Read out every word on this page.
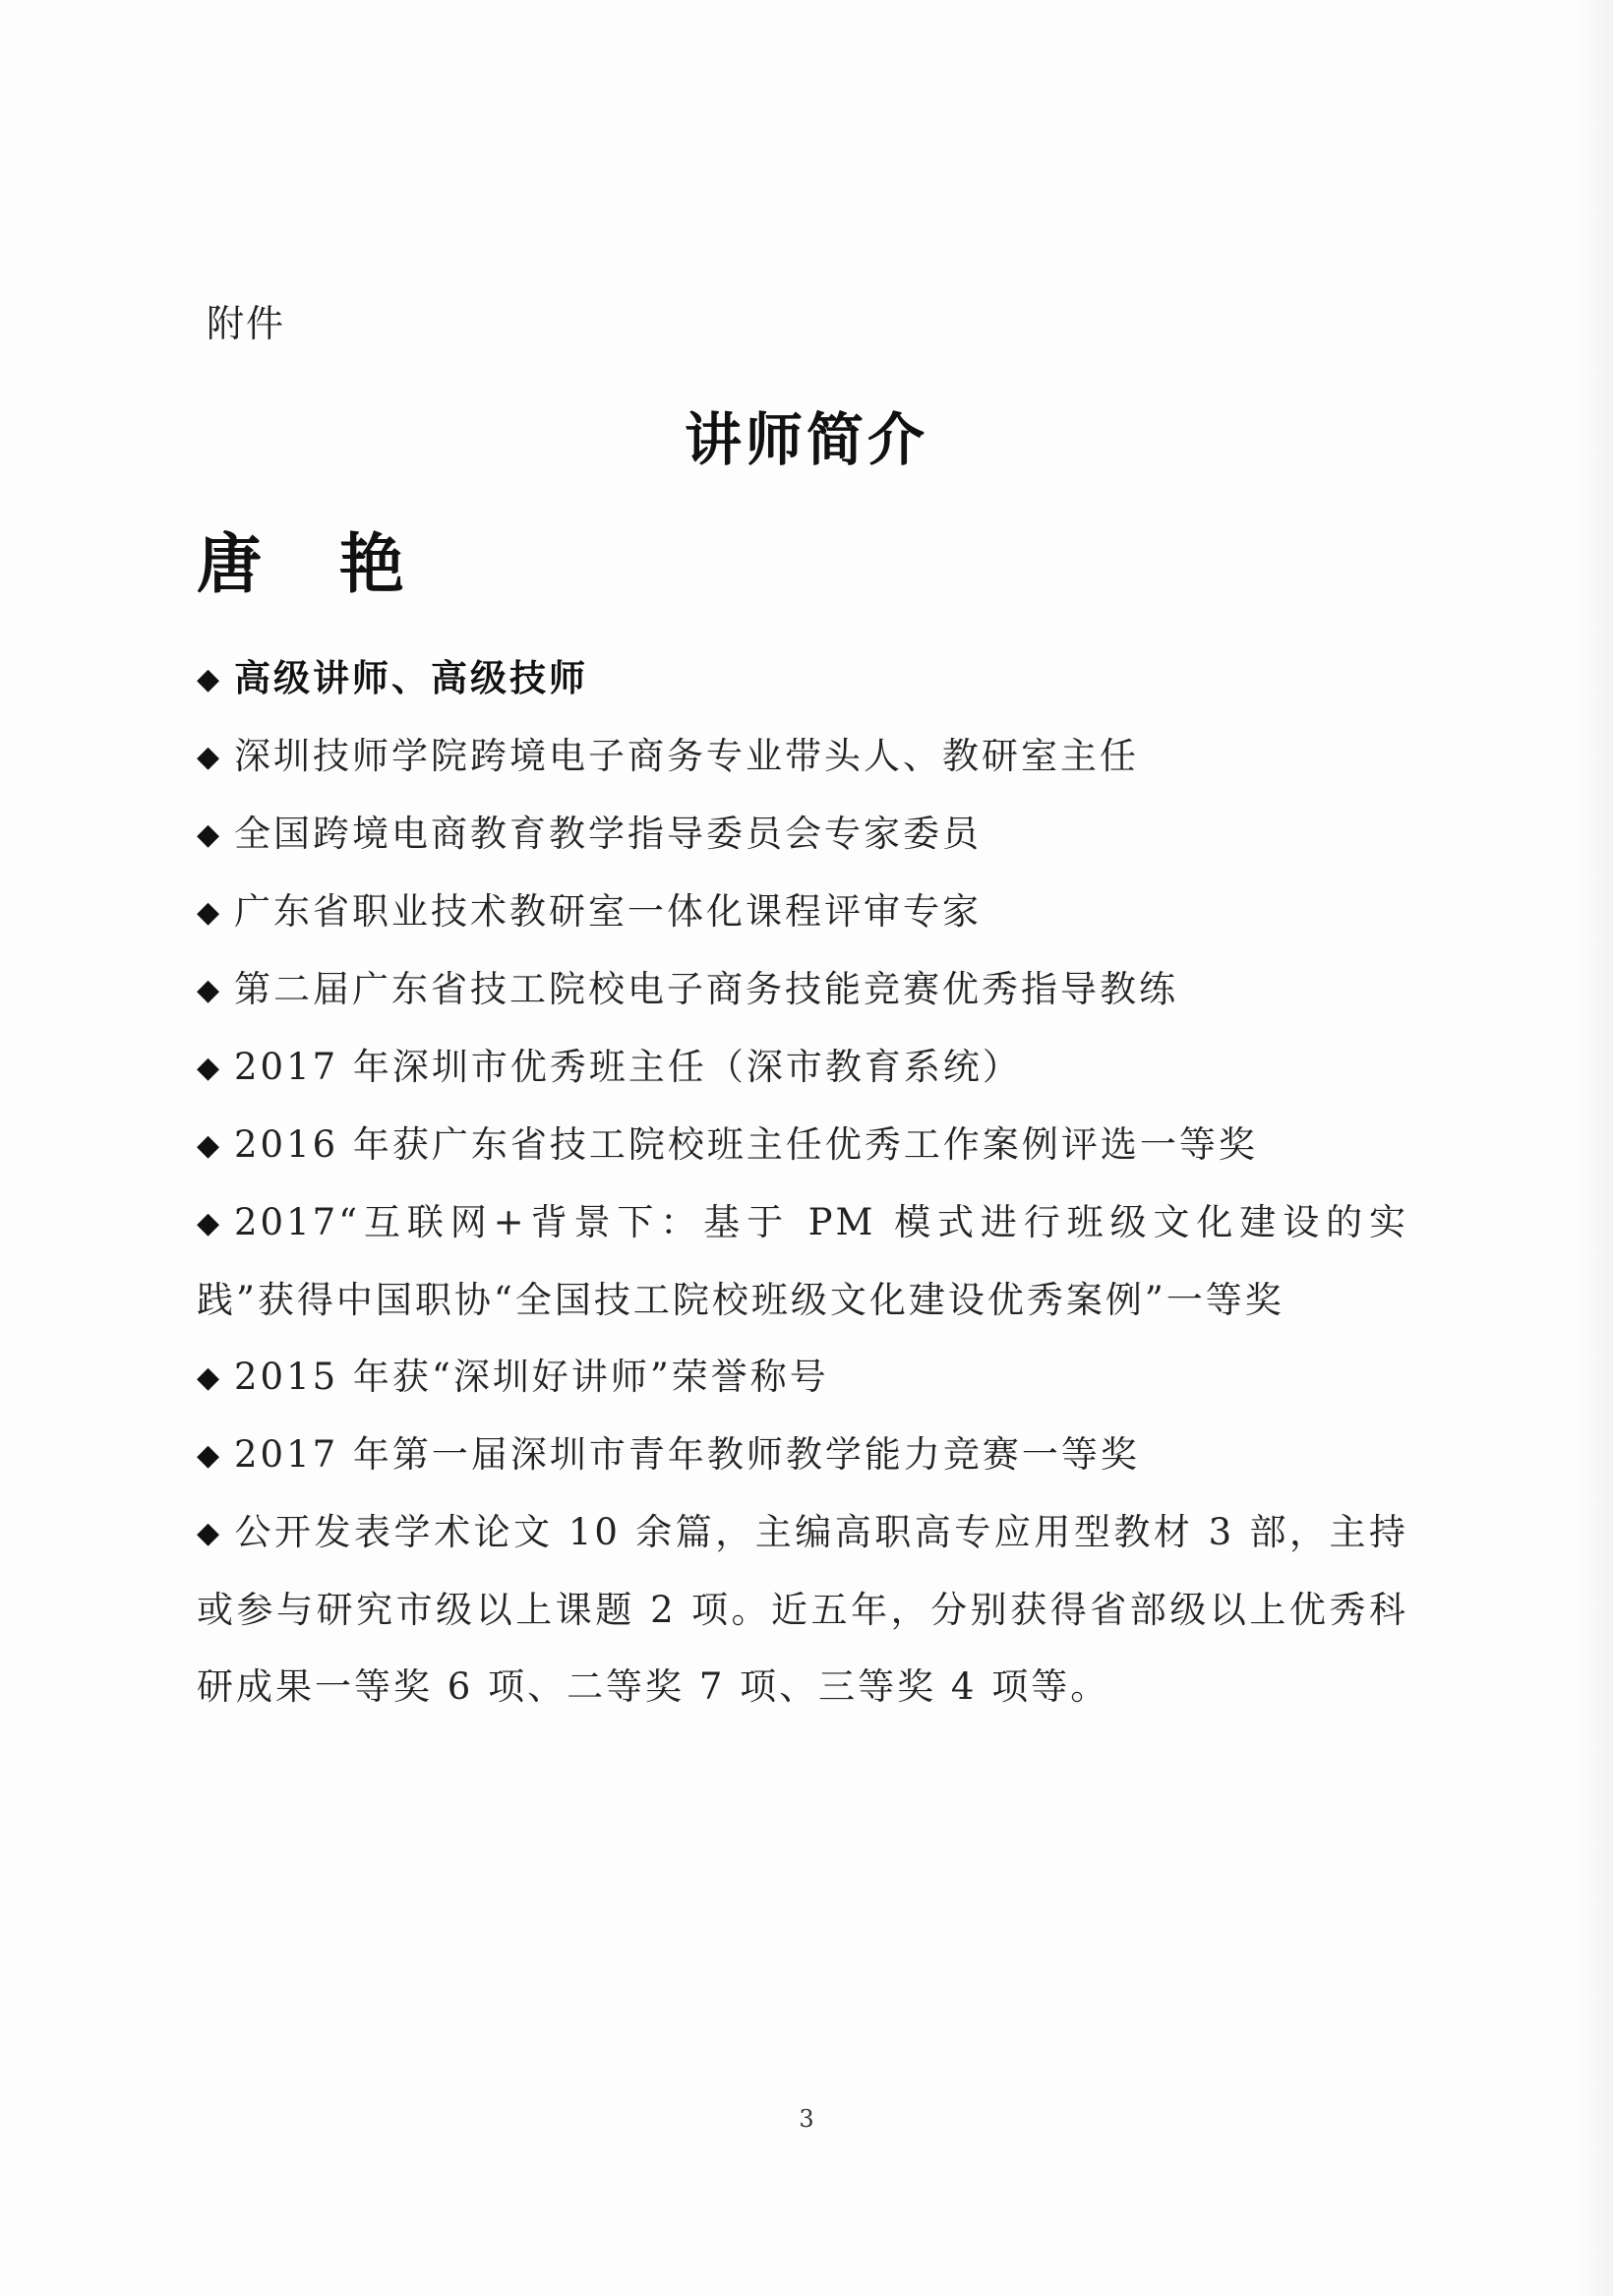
附件
讲师简介
唐 艳
◆ 高级讲师、高级技师
◆ 深圳技师学院跨境电子商务专业带头人、教研室主任
◆ 全国跨境电商教育教学指导委员会专家委员
◆ 广东省职业技术教研室一体化课程评审专家
◆ 第二届广东省技工院校电子商务技能竞赛优秀指导教练
◆ 2017 年深圳市优秀班主任（深市教育系统）
◆ 2016 年获广东省技工院校班主任优秀工作案例评选一等奖
◆ 2017“互联网+背景下：基于 PM 模式进行班级文化建设的实践”获得中国职协“全国技工院校班级文化建设优秀案例”一等奖
◆ 2015 年获“深圳好讲师”荣誉称号
◆ 2017 年第一届深圳市青年教师教学能力竞赛一等奖
◆ 公开发表学术论文 10 余篇，主编高职高专应用型教材 3 部，主持或参与研究市级以上课题 2 项。近五年，分别获得省部级以上优秀科研成果一等奖 6 项、二等奖 7 项、三等奖 4 项等。
3
